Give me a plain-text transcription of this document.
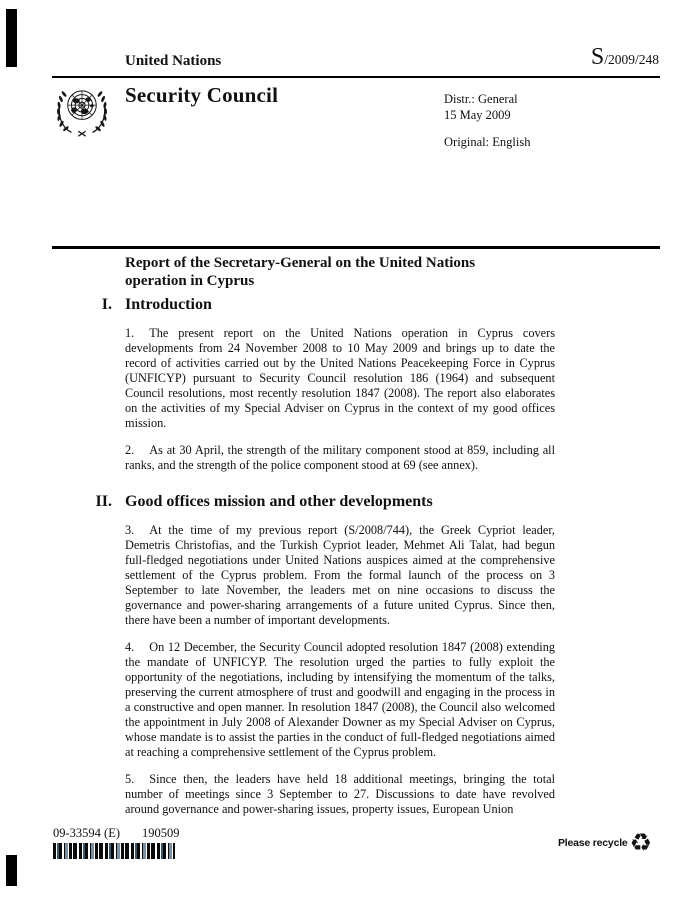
United Nations	S/2009/248
Security Council	Distr.: General
15 May 2009
Original: English
Report of the Secretary-General on the United Nations operation in Cyprus
I. Introduction

1. The present report on the United Nations operation in Cyprus covers developments from 24 November 2008 to 10 May 2009 and brings up to date the record of activities carried out by the United Nations Peacekeeping Force in Cyprus (UNFICYP) pursuant to Security Council resolution 186 (1964) and subsequent Council resolutions, most recently resolution 1847 (2008). The report also elaborates on the activities of my Special Adviser on Cyprus in the context of my good offices mission.

2. As at 30 April, the strength of the military component stood at 859, including all ranks, and the strength of the police component stood at 69 (see annex).

II. Good offices mission and other developments

3. At the time of my previous report (S/2008/744), the Greek Cypriot leader, Demetris Christofias, and the Turkish Cypriot leader, Mehmet Ali Talat, had begun full-fledged negotiations under United Nations auspices aimed at the comprehensive settlement of the Cyprus problem. From the formal launch of the process on 3 September to late November, the leaders met on nine occasions to discuss the governance and power-sharing arrangements of a future united Cyprus. Since then, there have been a number of important developments.

4. On 12 December, the Security Council adopted resolution 1847 (2008) extending the mandate of UNFICYP. The resolution urged the parties to fully exploit the opportunity of the negotiations, including by intensifying the momentum of the talks, preserving the current atmosphere of trust and goodwill and engaging in the process in a constructive and open manner. In resolution 1847 (2008), the Council also welcomed the appointment in July 2008 of Alexander Downer as my Special Adviser on Cyprus, whose mandate is to assist the parties in the conduct of full-fledged negotiations aimed at reaching a comprehensive settlement of the Cyprus problem.

5. Since then, the leaders have held 18 additional meetings, bringing the total number of meetings since 3 September to 27. Discussions to date have revolved around governance and power-sharing issues, property issues, European Union

09-33594 (E) 190509
Please recycle ♻
